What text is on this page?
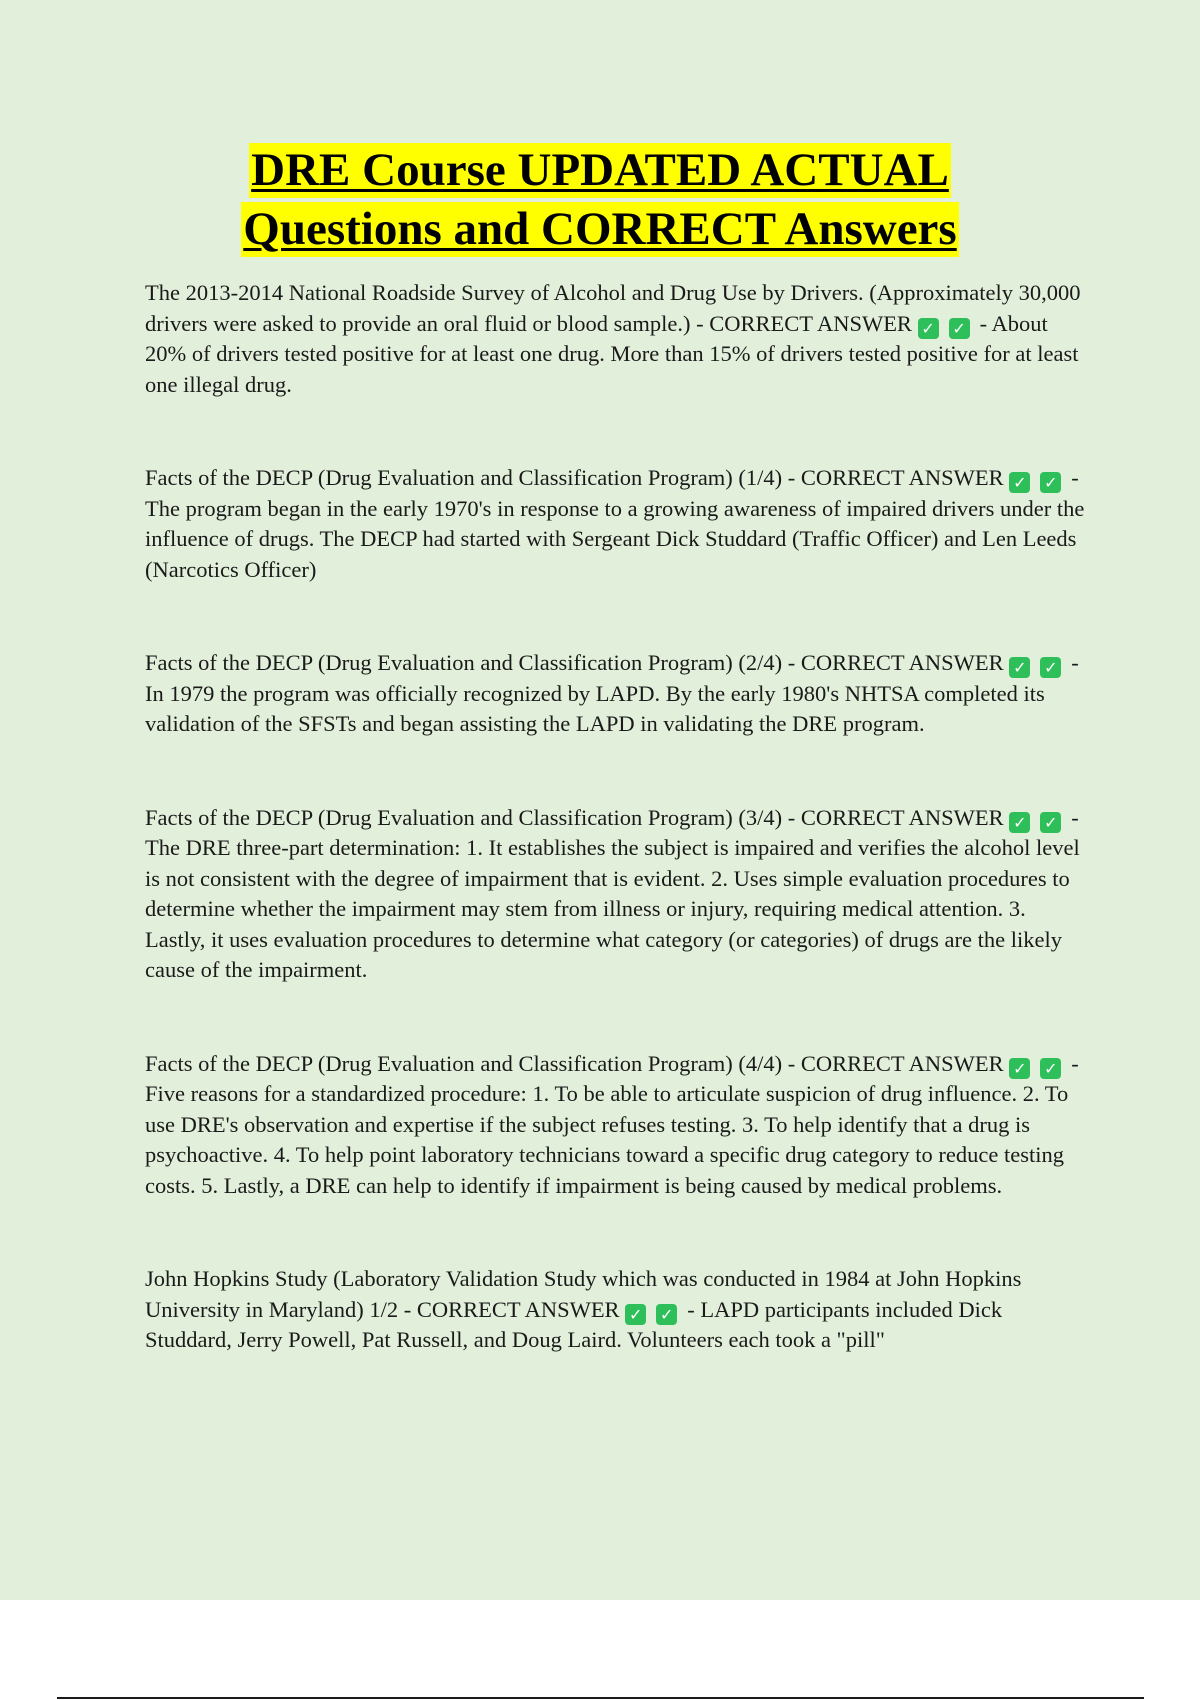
DRE Course UPDATED ACTUAL
Questions and CORRECT Answers

The 2013-2014 National Roadside Survey of Alcohol and Drug Use by Drivers. (Approximately 30,000 drivers were asked to provide an oral fluid or blood sample.) - CORRECT ANSWER ✓ ✓ - About 20% of drivers tested positive for at least one drug. More than 15% of drivers tested positive for at least one illegal drug.

Facts of the DECP (Drug Evaluation and Classification Program) (1/4) - CORRECT ANSWER ✓ ✓ - The program began in the early 1970's in response to a growing awareness of impaired drivers under the influence of drugs. The DECP had started with Sergeant Dick Studdard (Traffic Officer) and Len Leeds (Narcotics Officer)

Facts of the DECP (Drug Evaluation and Classification Program) (2/4) - CORRECT ANSWER ✓ ✓ - In 1979 the program was officially recognized by LAPD. By the early 1980's NHTSA completed its validation of the SFSTs and began assisting the LAPD in validating the DRE program.

Facts of the DECP (Drug Evaluation and Classification Program) (3/4) - CORRECT ANSWER ✓ ✓ - The DRE three-part determination: 1. It establishes the subject is impaired and verifies the alcohol level is not consistent with the degree of impairment that is evident. 2. Uses simple evaluation procedures to determine whether the impairment may stem from illness or injury, requiring medical attention. 3. Lastly, it uses evaluation procedures to determine what category (or categories) of drugs are the likely cause of the impairment.

Facts of the DECP (Drug Evaluation and Classification Program) (4/4) - CORRECT ANSWER ✓ ✓ - Five reasons for a standardized procedure: 1. To be able to articulate suspicion of drug influence. 2. To use DRE's observation and expertise if the subject refuses testing. 3. To help identify that a drug is psychoactive. 4. To help point laboratory technicians toward a specific drug category to reduce testing costs. 5. Lastly, a DRE can help to identify if impairment is being caused by medical problems.

John Hopkins Study (Laboratory Validation Study which was conducted in 1984 at John Hopkins University in Maryland) 1/2 - CORRECT ANSWER ✓ ✓ - LAPD participants included Dick Studdard, Jerry Powell, Pat Russell, and Doug Laird. Volunteers each took a "pill"
